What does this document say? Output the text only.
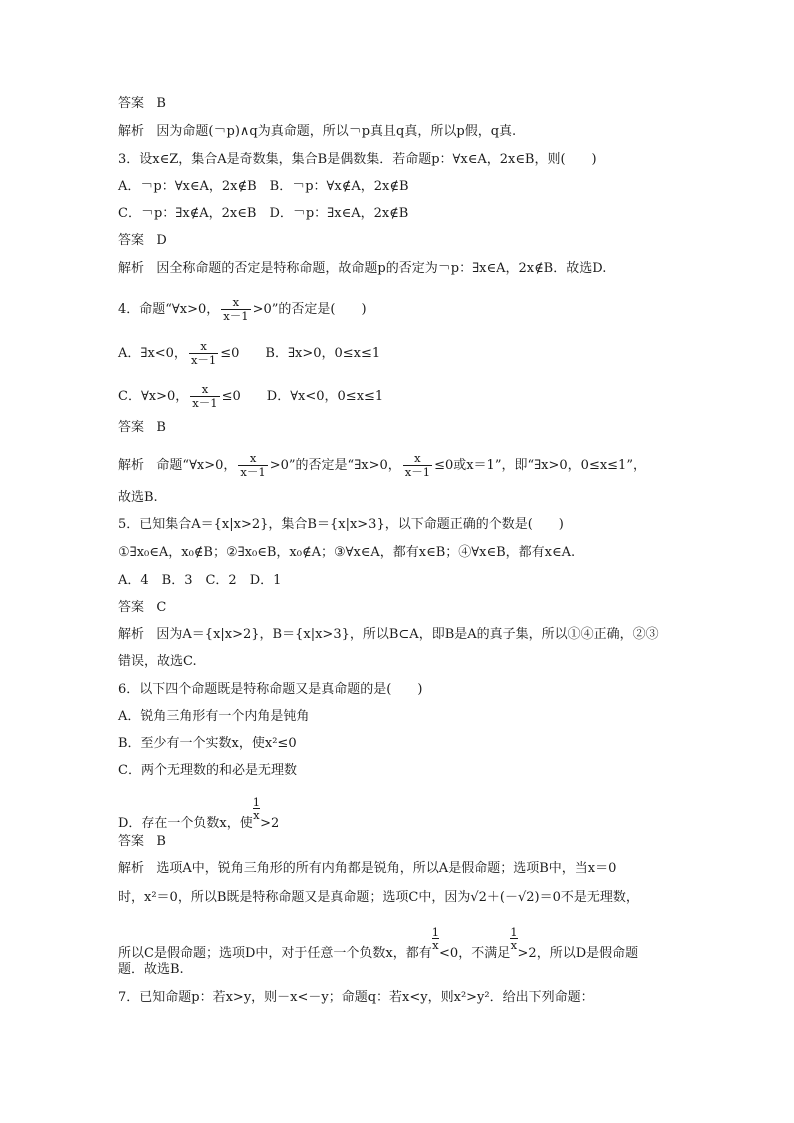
答案 B
解析 因为命题(￢p)∧q为真命题，所以￢p真且q真，所以p假，q真.
3．设x∈Z，集合A是奇数集，集合B是偶数集．若命题p：∀x∈A，2x∈B，则(　　)
A．￢p：∀x∈A，2x∉B　B．￢p：∀x∉A，2x∉B
C．￢p：∃x∉A，2x∈B　D．￢p：∃x∈A，2x∉B
答案 D
解析 因全称命题的否定是特称命题，故命题p的否定为￢p：∃x∈A，2x∉B．故选D.
4．命题“∀x>0， $\frac{x}{x-1} >0$”的否定是(　　)
A．∃x<0， $\frac{x}{x-1} \le 0$　　B．∃x>0，0≤x≤1
C．∀x>0， $\frac{x}{x-1} \le 0$　　D．∀x<0，0≤x≤1
答案 B
解析 命题“∀x>0， $\frac{x}{x-1} >0$”的否定是“∃x>0， $\frac{x}{x-1} \le 0$或x＝1”，即“∃x>0，0≤x≤1”，
故选B.
5．已知集合A＝{x|x>2}，集合B＝{x|x>3}，以下命题正确的个数是(　　)
①∃x₀∈A，x₀∉B；②∃x₀∈B，x₀∉A；③∀x∈A，都有x∈B；④∀x∈B，都有x∈A.
A．4　B．3　C．2　D．1
答案 C
解析 因为A＝{x|x>2}，B＝{x|x>3}，所以B⊂A，即B是A的真子集，所以①④正确，②③
错误，故选C.
6．以下四个命题既是特称命题又是真命题的是(　　)
A．锐角三角形有一个内角是钝角
B．至少有一个实数x，使x²≤0
C．两个无理数的和必是无理数
D．存在一个负数x，使
$\frac{1}{x}$
>2
答案 B
解析 选项A中，锐角三角形的所有内角都是锐角，所以A是假命题；选项B中，当x＝0
时，x²＝0，所以B既是特称命题又是真命题；选项C中，因为√2＋(－√2)＝0不是无理数，
所以C是假命题；选项D中，对于任意一个负数x，都有
$\frac{1}{x}$
<0，不满足
$\frac{1}{x}$
>2，所以D是假命题
题．故选B.
7．已知命题p：若x>y，则－x<－y；命题q：若x<y，则x²>y²．给出下列命题：
